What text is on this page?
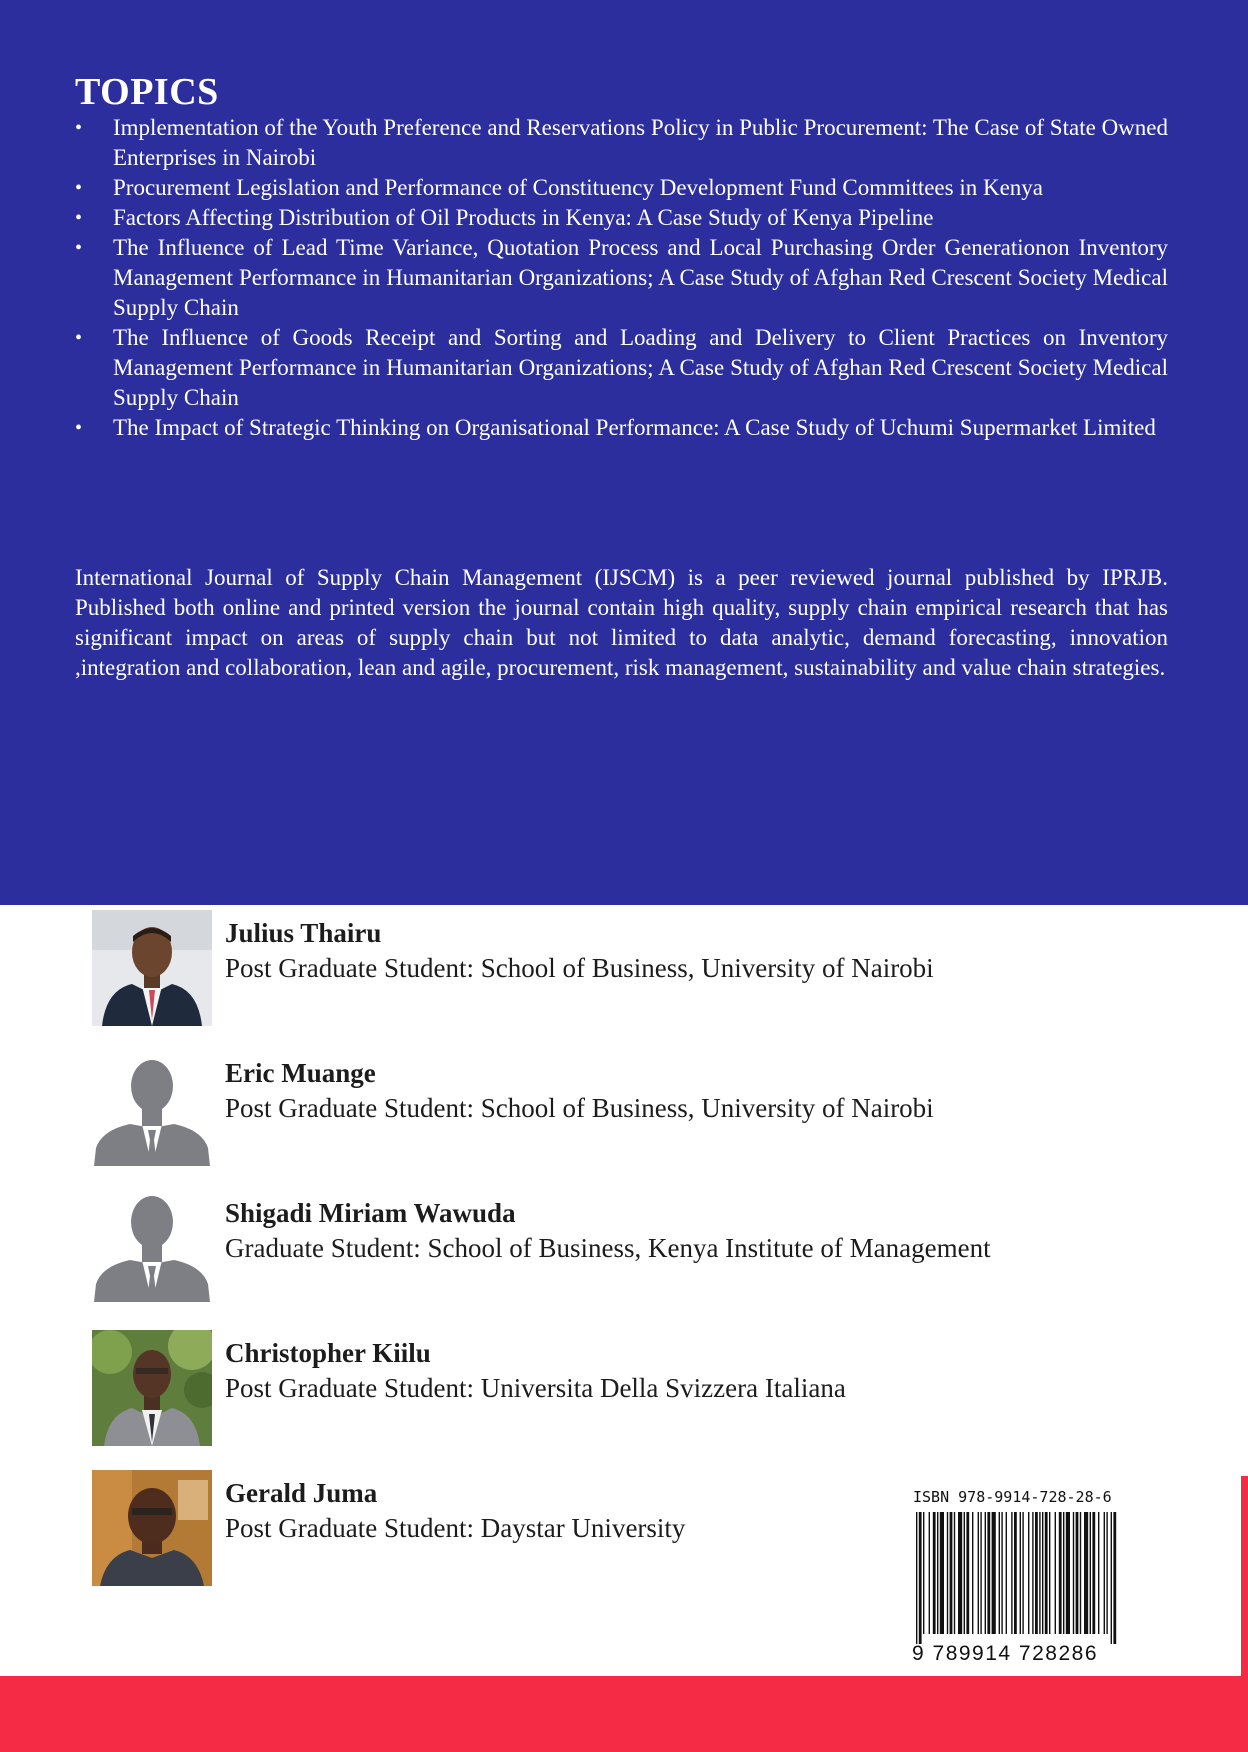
TOPICS
• Implementation of the Youth Preference and Reservations Policy in Public Procurement: The Case of State Owned Enterprises in Nairobi
• Procurement Legislation and Performance of Constituency Development Fund Committees in Kenya
• Factors Affecting Distribution of Oil Products in Kenya: A Case Study of Kenya Pipeline
• The Influence of Lead Time Variance, Quotation Process and Local Purchasing Order Generationon Inventory Management Performance in Humanitarian Organizations; A Case Study of Afghan Red Crescent Society Medical Supply Chain
• The Influence of Goods Receipt and Sorting and Loading and Delivery to Client Practices on Inventory Management Performance in Humanitarian Organizations; A Case Study of Afghan Red Crescent Society Medical Supply Chain
• The Impact of Strategic Thinking on Organisational Performance: A Case Study of Uchumi Supermarket Limited

International Journal of Supply Chain Management (IJSCM) is a peer reviewed journal published by IPRJB. Published both online and printed version the journal contain high quality, supply chain empirical research that has significant impact on areas of supply chain but not limited to data analytic, demand forecasting, innovation ,integration and collaboration, lean and agile, procurement, risk management, sustainability and value chain strategies.

Julius Thairu

Post Graduate Student: School of Business, University of Nairobi

Eric Muange

Post Graduate Student: School of Business, University of Nairobi

Shigadi Miriam Wawuda

Graduate Student: School of Business, Kenya Institute of Management

Christopher Kiilu

Post Graduate Student: Universita Della Svizzera Italiana

Gerald Juma

Post Graduate Student: Daystar University

ISBN 978-9914-728-28-6

9 789914 728286
